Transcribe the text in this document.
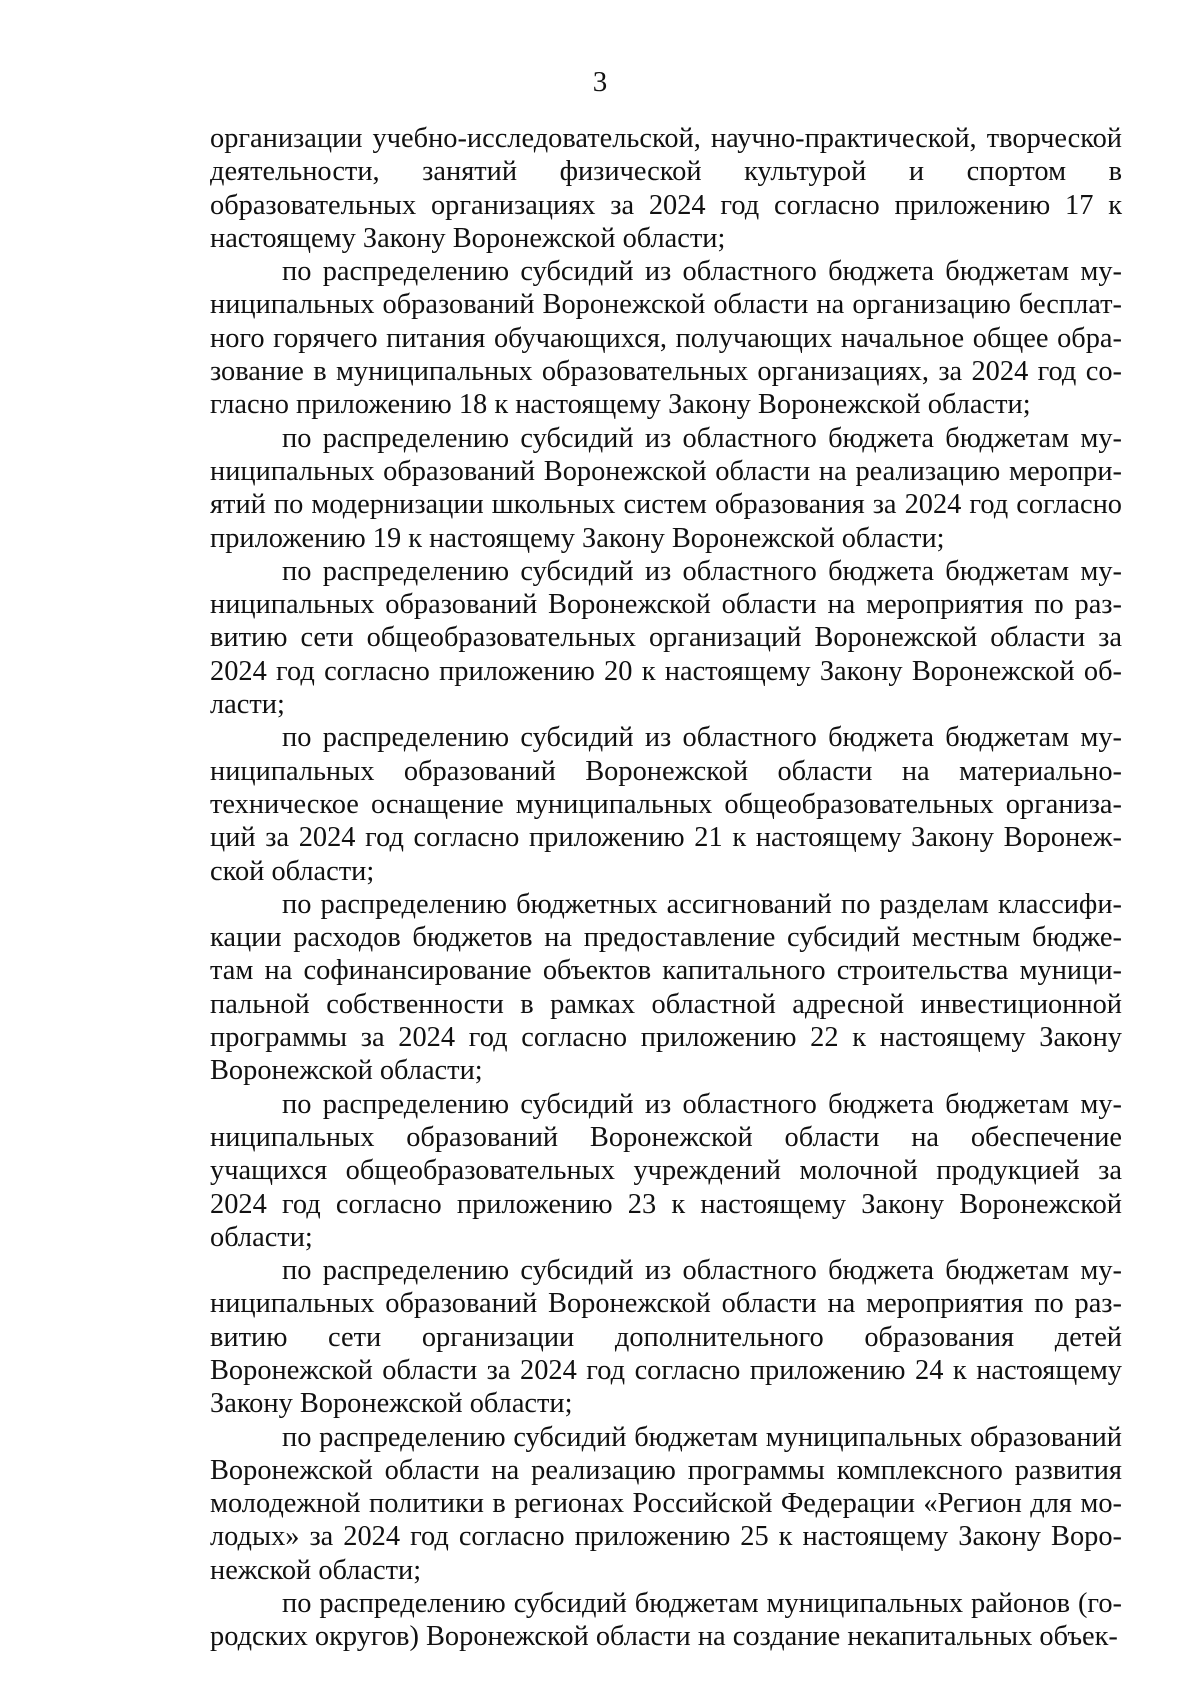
3

организации учебно-исследовательской, научно-практической, творческой деятельности, занятий физической культурой и спортом в образовательных организациях за 2024 год согласно приложению 17 к настоящему Закону Воронежской области;

по распределению субсидий из областного бюджета бюджетам муниципальных образований Воронежской области на организацию бесплатного горячего питания обучающихся, получающих начальное общее образование в муниципальных образовательных организациях, за 2024 год согласно приложению 18 к настоящему Закону Воронежской области;

по распределению субсидий из областного бюджета бюджетам муниципальных образований Воронежской области на реализацию мероприятий по модернизации школьных систем образования за 2024 год согласно приложению 19 к настоящему Закону Воронежской области;

по распределению субсидий из областного бюджета бюджетам муниципальных образований Воронежской области на мероприятия по развитию сети общеобразовательных организаций Воронежской области за 2024 год согласно приложению 20 к настоящему Закону Воронежской области;

по распределению субсидий из областного бюджета бюджетам муниципальных образований Воронежской области на материально-техническое оснащение муниципальных общеобразовательных организаций за 2024 год согласно приложению 21 к настоящему Закону Воронежской области;

по распределению бюджетных ассигнований по разделам классификации расходов бюджетов на предоставление субсидий местным бюджетам на софинансирование объектов капитального строительства муниципальной собственности в рамках областной адресной инвестиционной программы за 2024 год согласно приложению 22 к настоящему Закону Воронежской области;

по распределению субсидий из областного бюджета бюджетам муниципальных образований Воронежской области на обеспечение учащихся общеобразовательных учреждений молочной продукцией за 2024 год согласно приложению 23 к настоящему Закону Воронежской области;

по распределению субсидий из областного бюджета бюджетам муниципальных образований Воронежской области на мероприятия по развитию сети организации дополнительного образования детей Воронежской области за 2024 год согласно приложению 24 к настоящему Закону Воронежской области;

по распределению субсидий бюджетам муниципальных образований Воронежской области на реализацию программы комплексного развития молодежной политики в регионах Российской Федерации «Регион для молодых» за 2024 год согласно приложению 25 к настоящему Закону Воронежской области;

по распределению субсидий бюджетам муниципальных районов (городских округов) Воронежской области на создание некапитальных объек-
